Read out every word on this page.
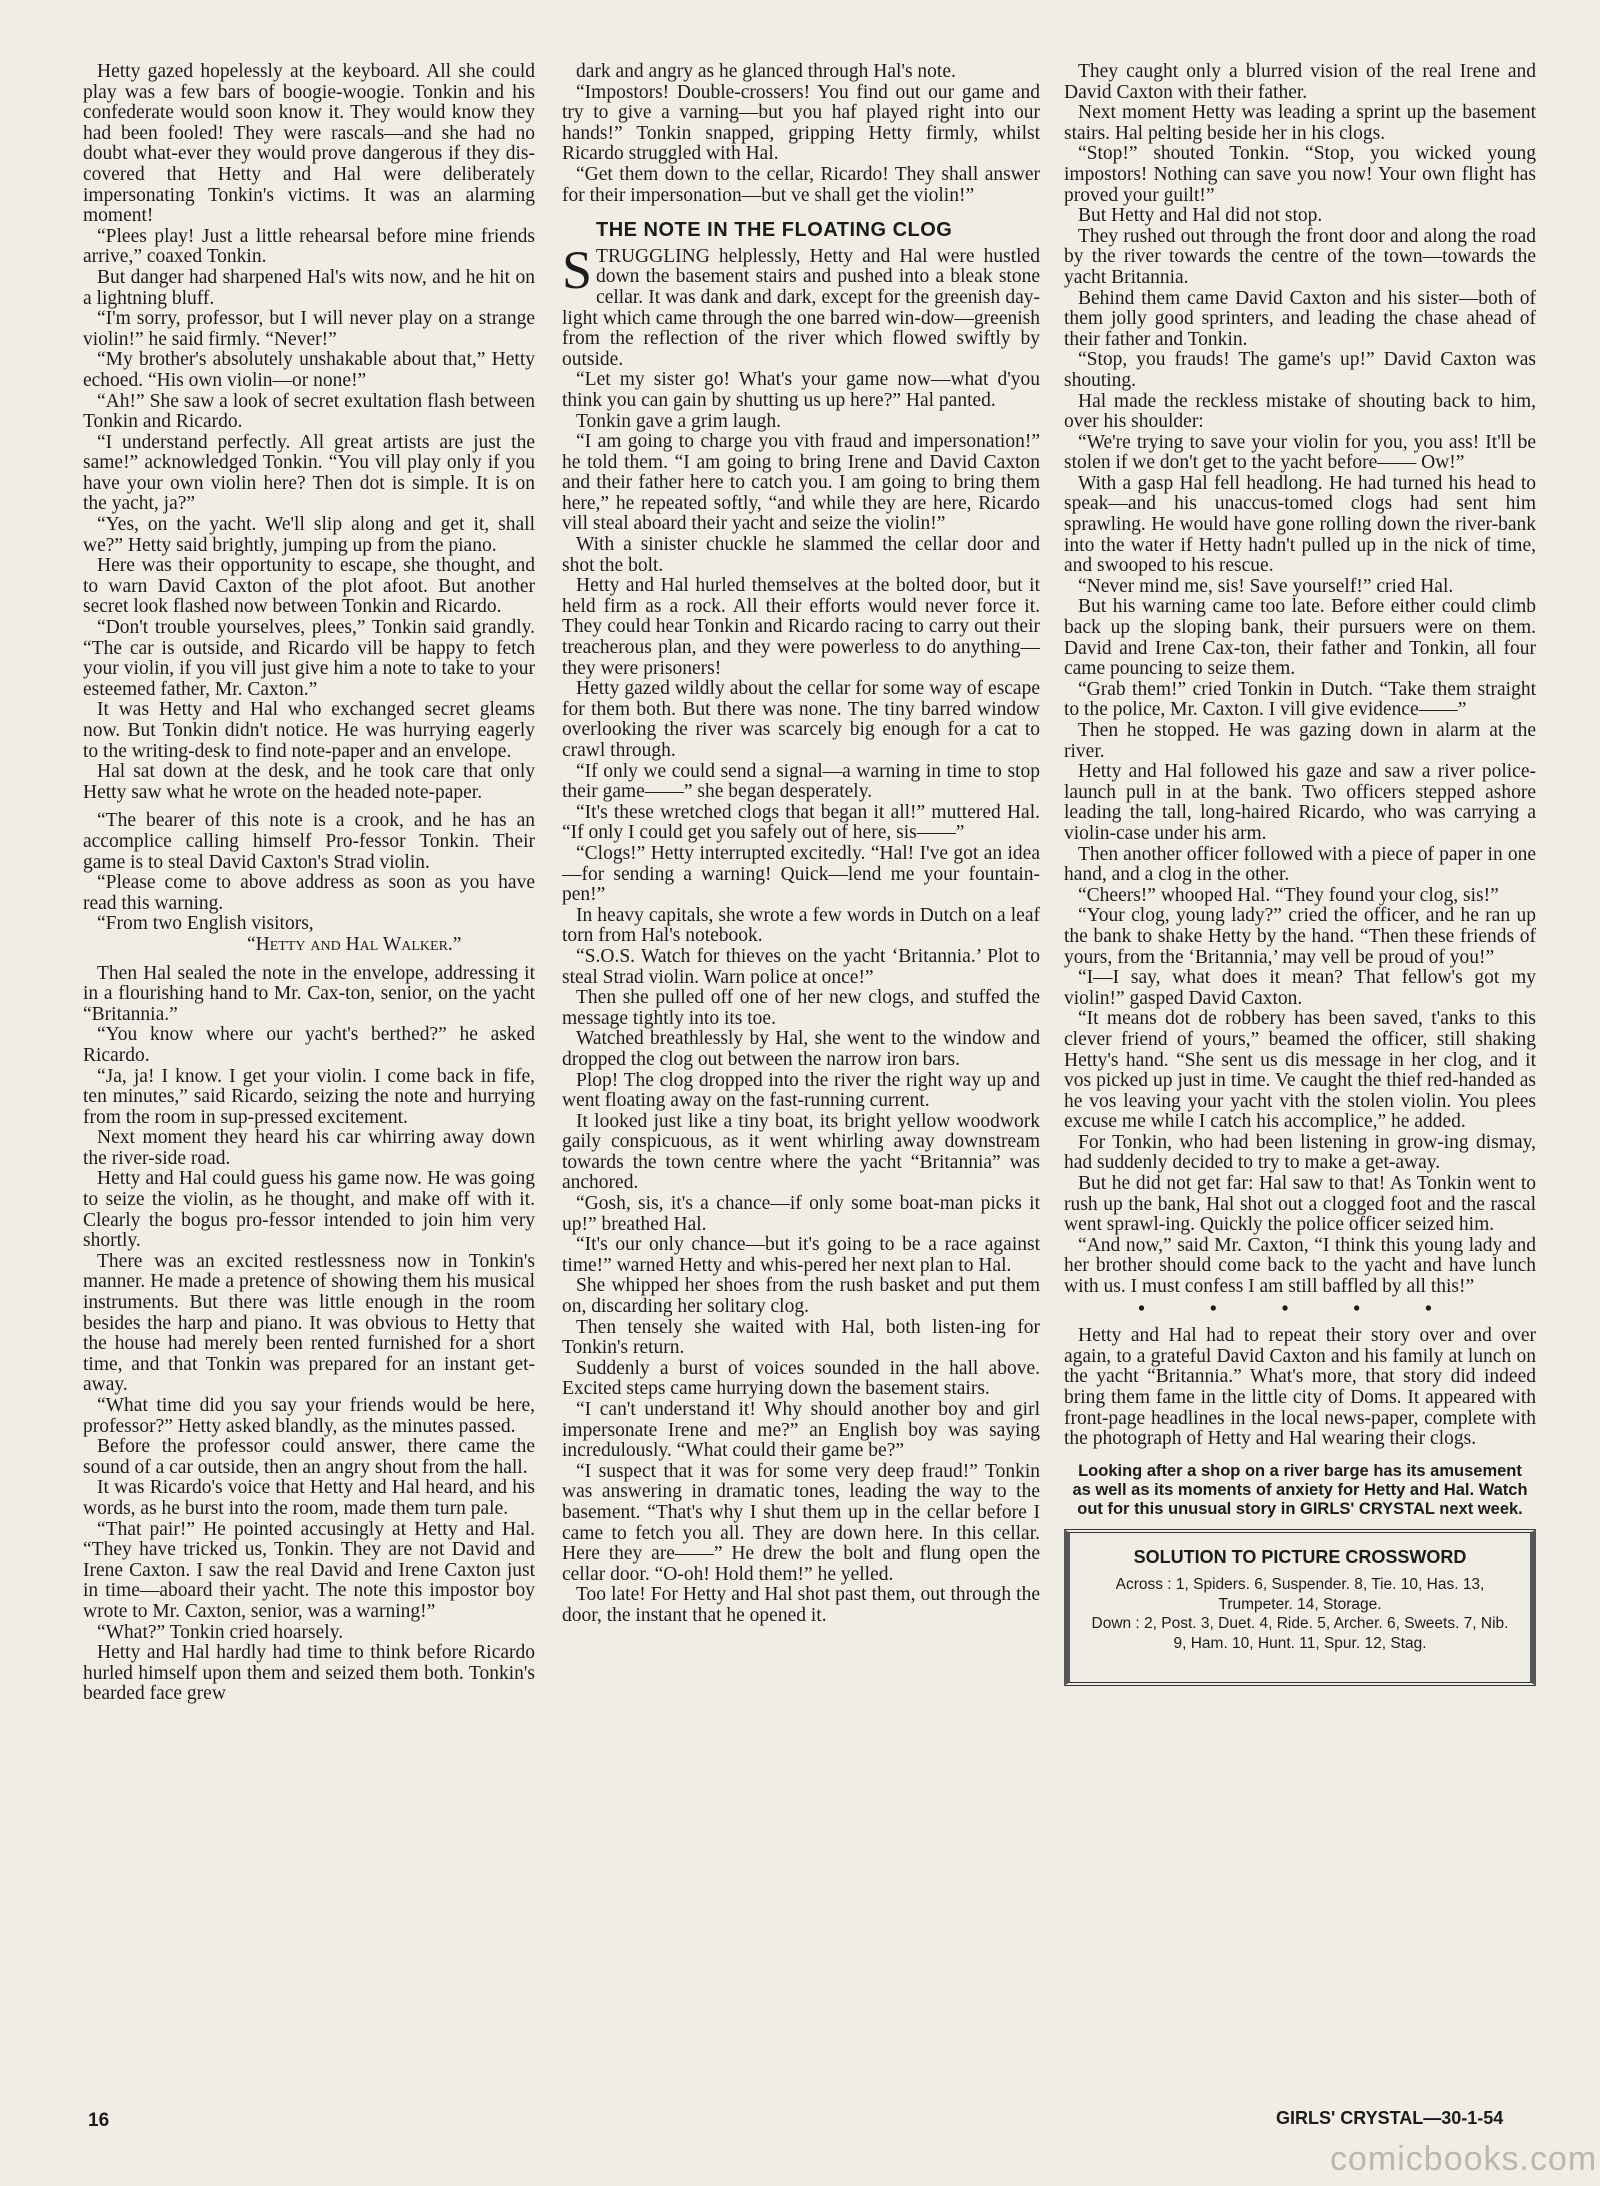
Hetty gazed hopelessly at the keyboard. All she could play was a few bars of boogie-woogie. Tonkin and his confederate would soon know it. They would know they had been fooled! They were rascals—and she had no doubt what-ever they would prove dangerous if they dis-covered that Hetty and Hal were deliberately impersonating Tonkin's victims. It was an alarming moment!

“Plees play! Just a little rehearsal before mine friends arrive,” coaxed Tonkin.

But danger had sharpened Hal's wits now, and he hit on a lightning bluff.

“I'm sorry, professor, but I will never play on a strange violin!” he said firmly. “Never!”

“My brother's absolutely unshakable about that,” Hetty echoed. “His own violin—or none!”

“Ah!” She saw a look of secret exultation flash between Tonkin and Ricardo.

“I understand perfectly. All great artists are just the same!” acknowledged Tonkin. “You vill play only if you have your own violin here? Then dot is simple. It is on the yacht, ja?”

“Yes, on the yacht. We'll slip along and get it, shall we?” Hetty said brightly, jumping up from the piano.

Here was their opportunity to escape, she thought, and to warn David Caxton of the plot afoot. But another secret look flashed now between Tonkin and Ricardo.

“Don't trouble yourselves, plees,” Tonkin said grandly. “The car is outside, and Ricardo vill be happy to fetch your violin, if you vill just give him a note to take to your esteemed father, Mr. Caxton.”

It was Hetty and Hal who exchanged secret gleams now. But Tonkin didn't notice. He was hurrying eagerly to the writing-desk to find note-paper and an envelope.

Hal sat down at the desk, and he took care that only Hetty saw what he wrote on the headed note-paper.

“The bearer of this note is a crook, and he has an accomplice calling himself Pro-fessor Tonkin. Their game is to steal David Caxton's Strad violin.

“Please come to above address as soon as you have read this warning.

“From two English visitors,

“Hetty and Hal Walker.”

Then Hal sealed the note in the envelope, addressing it in a flourishing hand to Mr. Cax-ton, senior, on the yacht “Britannia.”

“You know where our yacht's berthed?” he asked Ricardo.

“Ja, ja! I know. I get your violin. I come back in fife, ten minutes,” said Ricardo, seizing the note and hurrying from the room in sup-pressed excitement.

Next moment they heard his car whirring away down the river-side road.

Hetty and Hal could guess his game now. He was going to seize the violin, as he thought, and make off with it. Clearly the bogus pro-fessor intended to join him very shortly.

There was an excited restlessness now in Tonkin's manner. He made a pretence of showing them his musical instruments. But there was little enough in the room besides the harp and piano. It was obvious to Hetty that the house had merely been rented furnished for a short time, and that Tonkin was prepared for an instant get-away.

“What time did you say your friends would be here, professor?” Hetty asked blandly, as the minutes passed.

Before the professor could answer, there came the sound of a car outside, then an angry shout from the hall.

It was Ricardo's voice that Hetty and Hal heard, and his words, as he burst into the room, made them turn pale.

“That pair!” He pointed accusingly at Hetty and Hal. “They have tricked us, Tonkin. They are not David and Irene Caxton. I saw the real David and Irene Caxton just in time—aboard their yacht. The note this impostor boy wrote to Mr. Caxton, senior, was a warning!”

“What?” Tonkin cried hoarsely.

Hetty and Hal hardly had time to think before Ricardo hurled himself upon them and seized them both. Tonkin's bearded face grew

dark and angry as he glanced through Hal's note.

“Impostors! Double-crossers! You find out our game and try to give a varning—but you haf played right into our hands!” Tonkin snapped, gripping Hetty firmly, whilst Ricardo struggled with Hal.

“Get them down to the cellar, Ricardo! They shall answer for their impersonation—but ve shall get the violin!”

THE NOTE IN THE FLOATING CLOG

STRUGGLING helplessly, Hetty and Hal were hustled down the basement stairs and pushed into a bleak stone cellar. It was dank and dark, except for the greenish day-light which came through the one barred win-dow—greenish from the reflection of the river which flowed swiftly by outside.

“Let my sister go! What's your game now—what d'you think you can gain by shutting us up here?” Hal panted.

Tonkin gave a grim laugh.

“I am going to charge you vith fraud and impersonation!” he told them. “I am going to bring Irene and David Caxton and their father here to catch you. I am going to bring them here,” he repeated softly, “and while they are here, Ricardo vill steal aboard their yacht and seize the violin!”

With a sinister chuckle he slammed the cellar door and shot the bolt.

Hetty and Hal hurled themselves at the bolted door, but it held firm as a rock. All their efforts would never force it. They could hear Tonkin and Ricardo racing to carry out their treacherous plan, and they were powerless to do anything—they were prisoners!

Hetty gazed wildly about the cellar for some way of escape for them both. But there was none. The tiny barred window overlooking the river was scarcely big enough for a cat to crawl through.

“If only we could send a signal—a warning in time to stop their game——” she began desperately.

“It's these wretched clogs that began it all!” muttered Hal. “If only I could get you safely out of here, sis——”

“Clogs!” Hetty interrupted excitedly. “Hal! I've got an idea—for sending a warning! Quick—lend me your fountain-pen!”

In heavy capitals, she wrote a few words in Dutch on a leaf torn from Hal's notebook.

“S.O.S. Watch for thieves on the yacht ‘Britannia.’ Plot to steal Strad violin. Warn police at once!”

Then she pulled off one of her new clogs, and stuffed the message tightly into its toe.

Watched breathlessly by Hal, she went to the window and dropped the clog out between the narrow iron bars.

Plop! The clog dropped into the river the right way up and went floating away on the fast-running current.

It looked just like a tiny boat, its bright yellow woodwork gaily conspicuous, as it went whirling away downstream towards the town centre where the yacht “Britannia” was anchored.

“Gosh, sis, it's a chance—if only some boat-man picks it up!” breathed Hal.

“It's our only chance—but it's going to be a race against time!” warned Hetty and whis-pered her next plan to Hal.

She whipped her shoes from the rush basket and put them on, discarding her solitary clog.

Then tensely she waited with Hal, both listen-ing for Tonkin's return.

Suddenly a burst of voices sounded in the hall above. Excited steps came hurrying down the basement stairs.

“I can't understand it! Why should another boy and girl impersonate Irene and me?” an English boy was saying incredulously. “What could their game be?”

“I suspect that it was for some very deep fraud!” Tonkin was answering in dramatic tones, leading the way to the basement. “That's why I shut them up in the cellar before I came to fetch you all. They are down here. In this cellar. Here they are——” He drew the bolt and flung open the cellar door. “O-oh! Hold them!” he yelled.

Too late! For Hetty and Hal shot past them, out through the door, the instant that he opened it.

They caught only a blurred vision of the real Irene and David Caxton with their father.

Next moment Hetty was leading a sprint up the basement stairs. Hal pelting beside her in his clogs.

“Stop!” shouted Tonkin. “Stop, you wicked young impostors! Nothing can save you now! Your own flight has proved your guilt!”

But Hetty and Hal did not stop.

They rushed out through the front door and along the road by the river towards the centre of the town—towards the yacht Britannia.

Behind them came David Caxton and his sister—both of them jolly good sprinters, and leading the chase ahead of their father and Tonkin.

“Stop, you frauds! The game's up!” David Caxton was shouting.

Hal made the reckless mistake of shouting back to him, over his shoulder:

“We're trying to save your violin for you, you ass! It'll be stolen if we don't get to the yacht before—— Ow!”

With a gasp Hal fell headlong. He had turned his head to speak—and his unaccus-tomed clogs had sent him sprawling. He would have gone rolling down the river-bank into the water if Hetty hadn't pulled up in the nick of time, and swooped to his rescue.

“Never mind me, sis! Save yourself!” cried Hal.

But his warning came too late. Before either could climb back up the sloping bank, their pursuers were on them. David and Irene Cax-ton, their father and Tonkin, all four came pouncing to seize them.

“Grab them!” cried Tonkin in Dutch. “Take them straight to the police, Mr. Caxton. I vill give evidence——”

Then he stopped. He was gazing down in alarm at the river.

Hetty and Hal followed his gaze and saw a river police-launch pull in at the bank. Two officers stepped ashore leading the tall, long-haired Ricardo, who was carrying a violin-case under his arm.

Then another officer followed with a piece of paper in one hand, and a clog in the other.

“Cheers!” whooped Hal. “They found your clog, sis!”

“Your clog, young lady?” cried the officer, and he ran up the bank to shake Hetty by the hand. “Then these friends of yours, from the ‘Britannia,’ may vell be proud of you!”

“I—I say, what does it mean? That fellow's got my violin!” gasped David Caxton.

“It means dot de robbery has been saved, t'anks to this clever friend of yours,” beamed the officer, still shaking Hetty's hand. “She sent us dis message in her clog, and it vos picked up just in time. Ve caught the thief red-handed as he vos leaving your yacht vith the stolen violin. You plees excuse me while I catch his accomplice,” he added.

For Tonkin, who had been listening in grow-ing dismay, had suddenly decided to try to make a get-away.

But he did not get far: Hal saw to that! As Tonkin went to rush up the bank, Hal shot out a clogged foot and the rascal went sprawl-ing. Quickly the police officer seized him.

“And now,” said Mr. Caxton, “I think this young lady and her brother should come back to the yacht and have lunch with us. I must confess I am still baffled by all this!”

• • • • •

Hetty and Hal had to repeat their story over and over again, to a grateful David Caxton and his family at lunch on the yacht “Britannia.” What's more, that story did indeed bring them fame in the little city of Doms. It appeared with front-page headlines in the local news-paper, complete with the photograph of Hetty and Hal wearing their clogs.

Looking after a shop on a river barge has its amusement as well as its moments of anxiety for Hetty and Hal. Watch out for this unusual story in GIRLS' CRYSTAL next week.
SOLUTION TO PICTURE CROSSWORD
Across : 1, Spiders. 6, Suspender. 8, Tie. 10, Has. 13, Trumpeter. 14, Storage.
Down : 2, Post. 3, Duet. 4, Ride. 5, Archer. 6, Sweets. 7, Nib. 9, Ham. 10, Hunt. 11, Spur. 12, Stag.
16	GIRLS' CRYSTAL—30-1-54
comicbooks.com
